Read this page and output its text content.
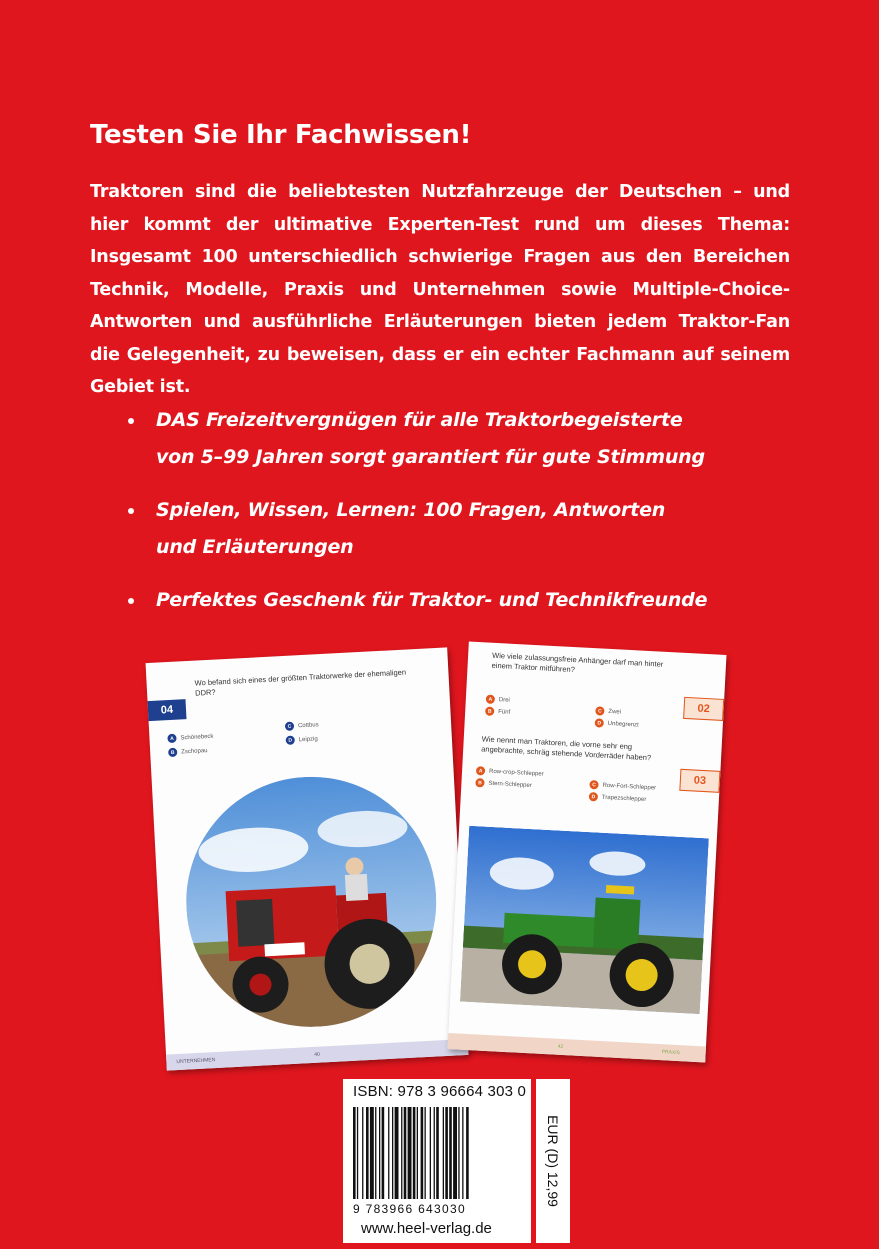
Testen Sie Ihr Fachwissen!
Traktoren sind die beliebtesten Nutzfahrzeuge der Deutschen – und hier kommt der ultimative Experten-Test rund um dieses Thema: Insgesamt 100 unterschiedlich schwierige Fragen aus den Bereichen Technik, Modelle, Praxis und Unternehmen sowie Multiple-Choice-Antworten und ausführliche Erläuterungen bieten jedem Traktor-Fan die Gelegenheit, zu beweisen, dass er ein echter Fachmann auf seinem Gebiet ist.
DAS Freizeitvergnügen für alle Traktorbegeisterte
von 5–99 Jahren sorgt garantiert für gute Stimmung
Spielen, Wissen, Lernen: 100 Fragen, Antworten
und Erläuterungen
Perfektes Geschenk für Traktor- und Technikfreunde
04
Wo befand sich eines der größten Traktorwerke der ehemaligen DDR?
A	Schönebeck
B	Zschopau
C	Cottbus
D	Leipzig
UNTERNEHMEN
40
Wie viele zulassungsfreie Anhänger darf man hinter einem Traktor mitführen?
02
A	Drei
B	Fünf	C	Zwei
D	Unbegrenzt
Wie nennt man Traktoren, die vorne sehr eng angebrachte, schräg stehende Vorderräder haben?
03
A	Row-crop-Schlepper
B	Stern-Schlepper	C	Row-Fort-Schlepper
D	Trapezschlepper
42
PRAXIS
ISBN: 978 3 96664 303 0
9 783966 643030
www.heel-verlag.de
EUR (D) 12,99
